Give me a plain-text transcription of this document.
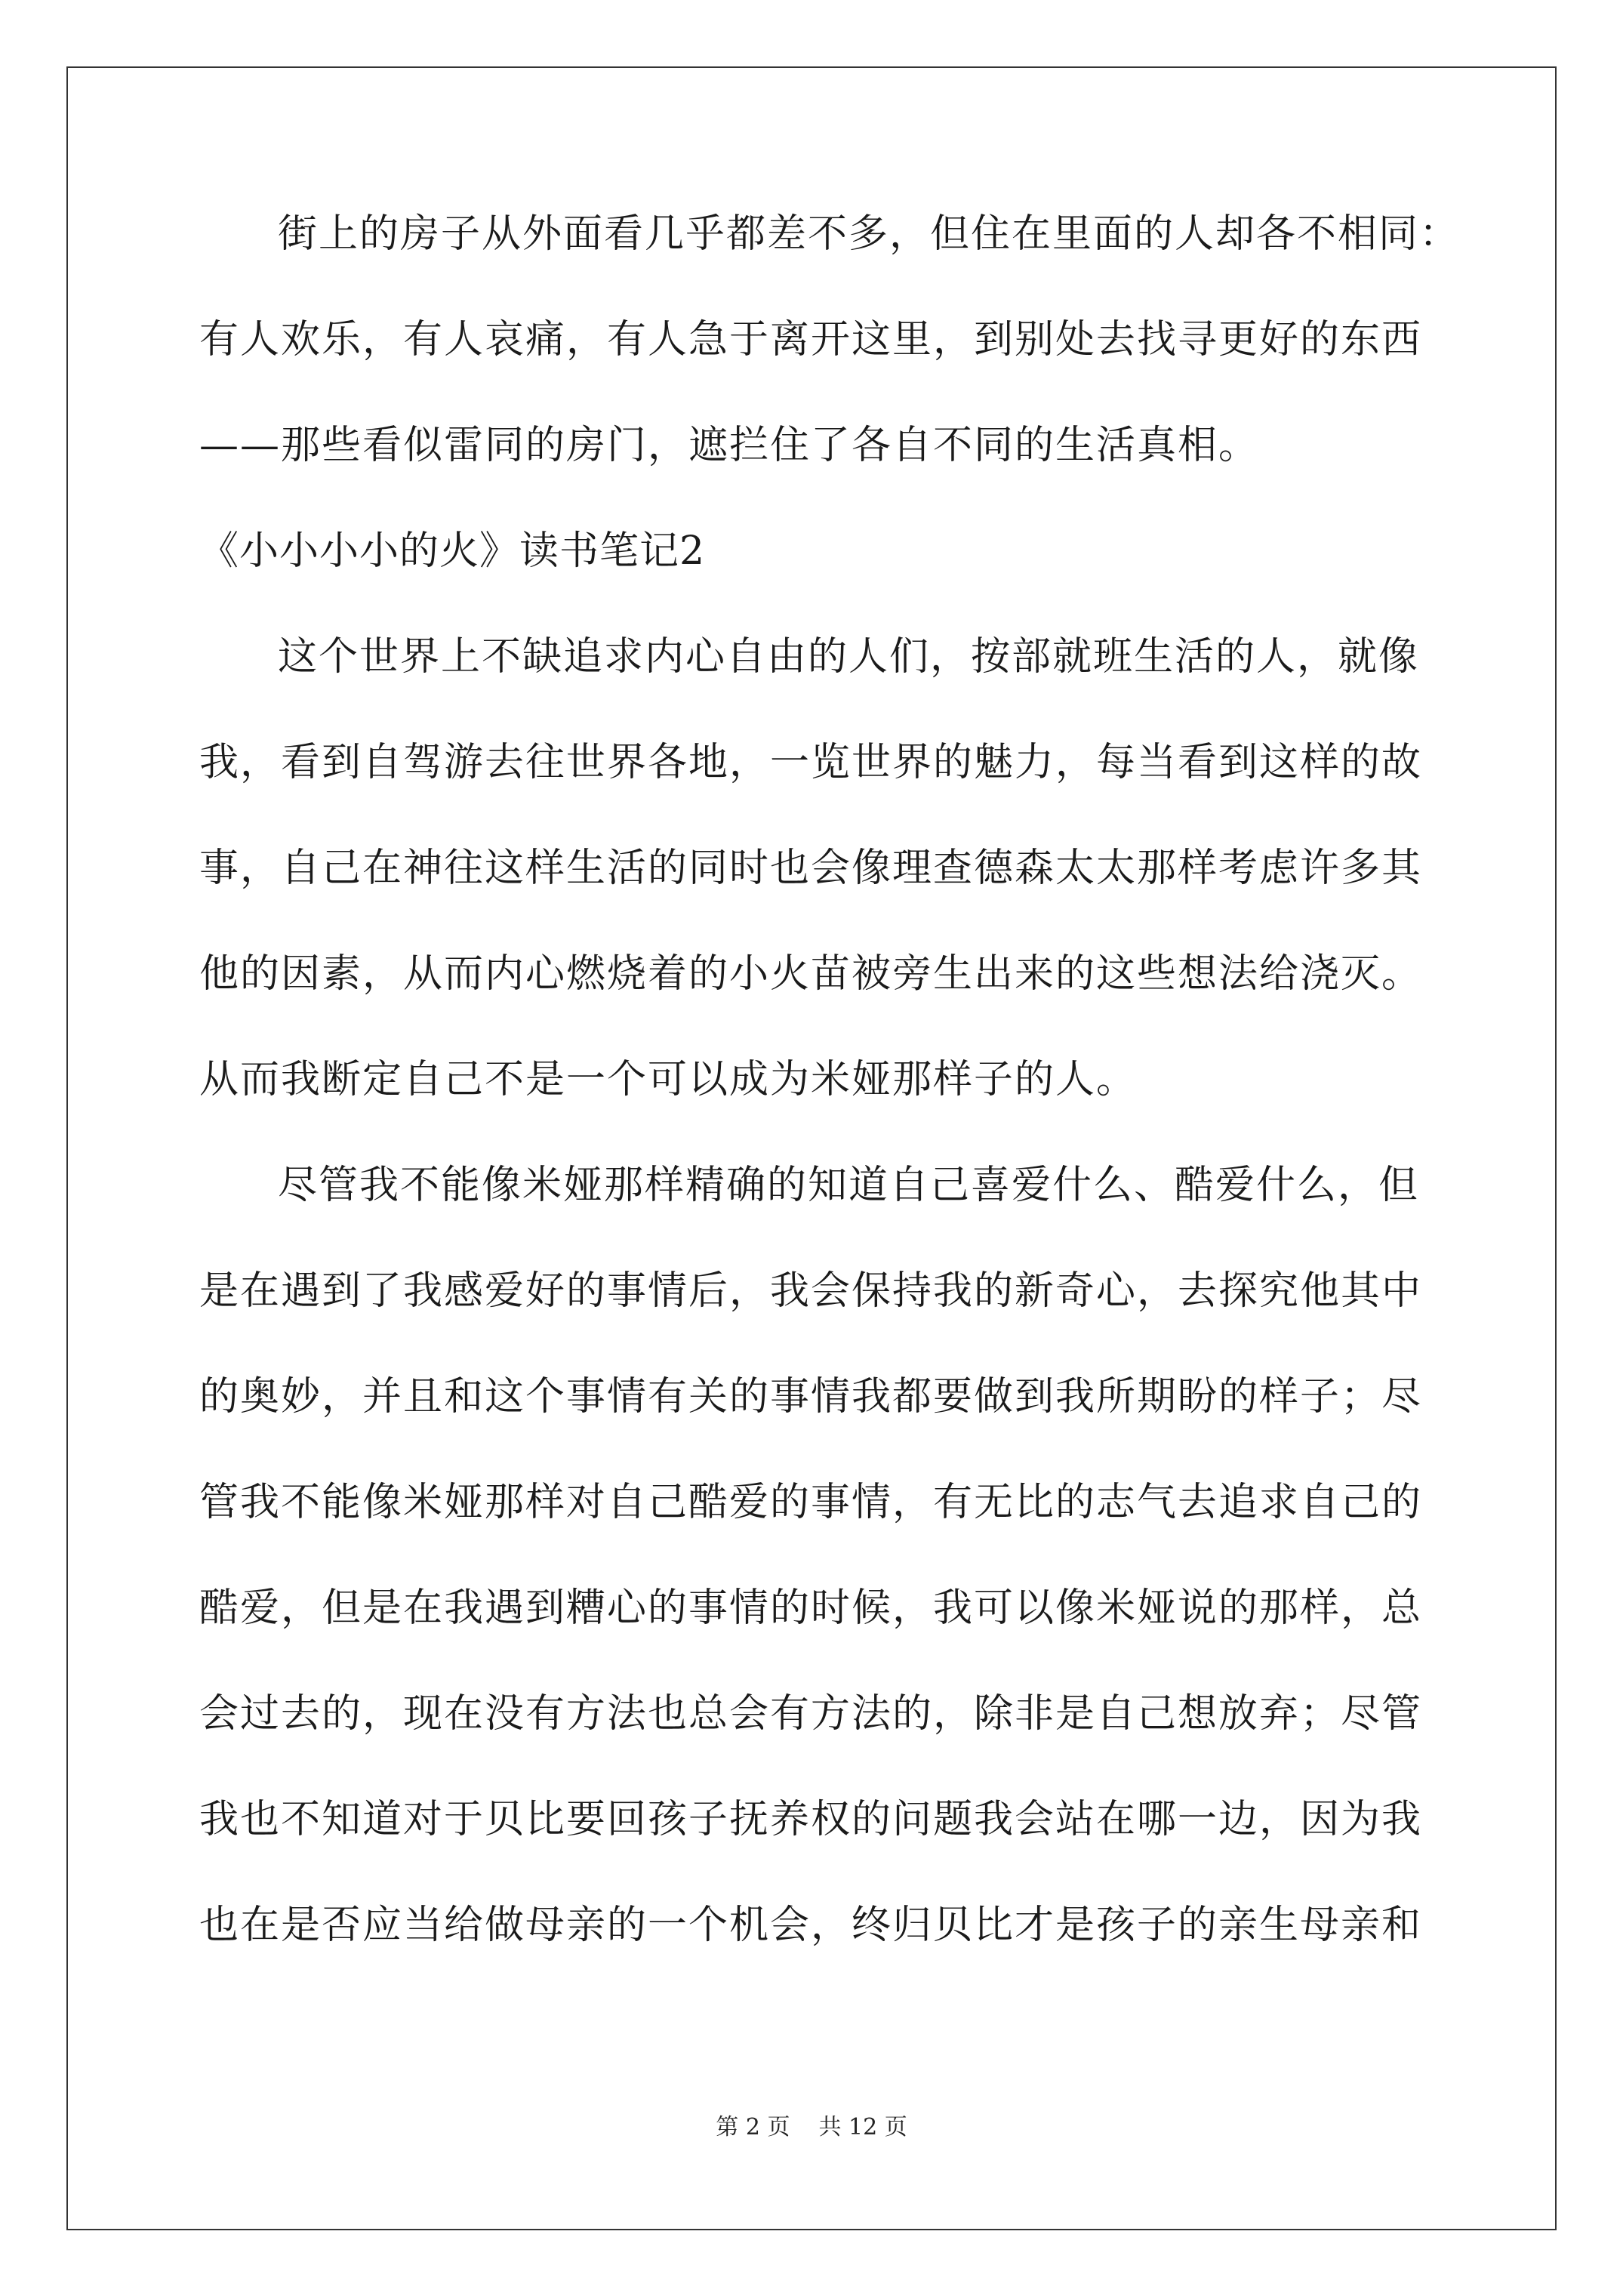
街上的房子从外面看几乎都差不多，但住在里面的人却各不相同：
有人欢乐，有人哀痛，有人急于离开这里，到别处去找寻更好的东西
——那些看似雷同的房门，遮拦住了各自不同的生活真相。
《小小小小的火》读书笔记2
这个世界上不缺追求内心自由的人们，按部就班生活的人，就像
我，看到自驾游去往世界各地，一览世界的魅力，每当看到这样的故
事，自己在神往这样生活的同时也会像理查德森太太那样考虑许多其
他的因素，从而内心燃烧着的小火苗被旁生出来的这些想法给浇灭。
从而我断定自己不是一个可以成为米娅那样子的人。
尽管我不能像米娅那样精确的知道自己喜爱什么、酷爱什么，但
是在遇到了我感爱好的事情后，我会保持我的新奇心，去探究他其中
的奥妙，并且和这个事情有关的事情我都要做到我所期盼的样子；尽
管我不能像米娅那样对自己酷爱的事情，有无比的志气去追求自己的
酷爱，但是在我遇到糟心的事情的时候，我可以像米娅说的那样，总
会过去的，现在没有方法也总会有方法的，除非是自己想放弃；尽管
我也不知道对于贝比要回孩子抚养权的问题我会站在哪一边，因为我
也在是否应当给做母亲的一个机会，终归贝比才是孩子的亲生母亲和
第 2 页 共 12 页
